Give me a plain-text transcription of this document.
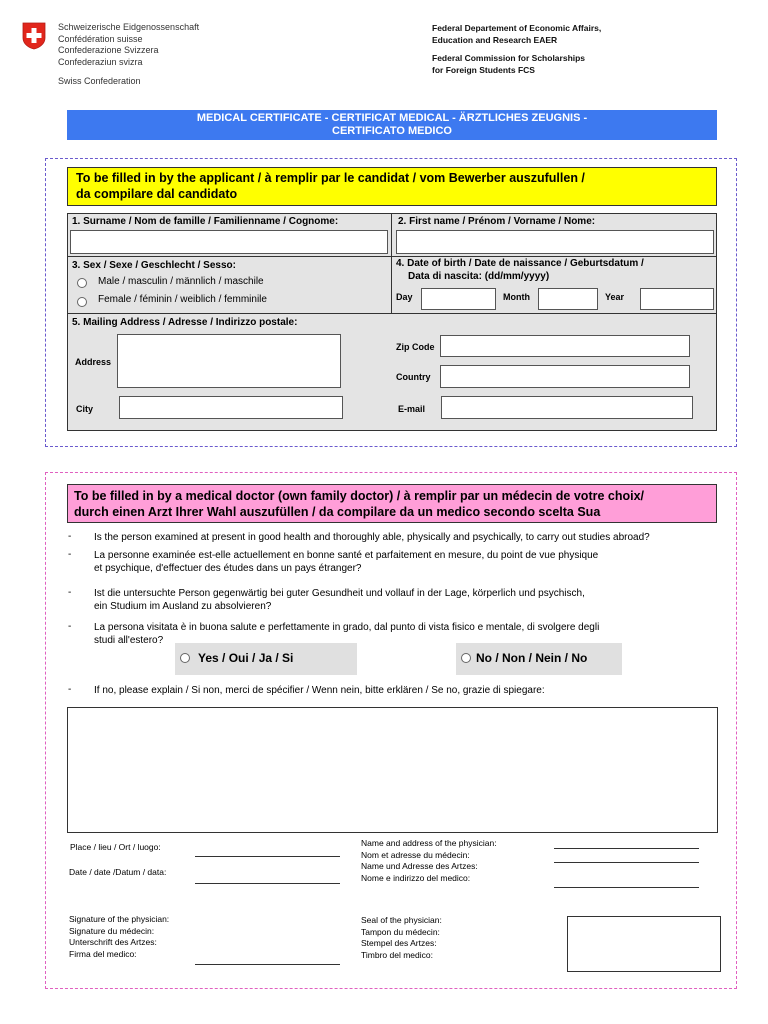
Schweizerische Eidgenossenschaft
Confédération suisse
Confederazione Svizzera
Confederaziun svizra
Swiss Confederation

Federal Departement of Economic Affairs,

Education and Research EAER

Federal Commission for Scholarships

for Foreign Students FCS

MEDICAL CERTIFICATE - CERTIFICAT MEDICAL - ÄRZTLICHES ZEUGNIS -
CERTIFICATO MEDICO
To be filled in by the applicant / à remplir par le candidat / vom Bewerber auszufullen /
da compilare dal candidato
1. Surname / Nom de famille / Familienname / Cognome:	2. First name / Prénom / Vorname / Nome:
3. Sex / Sexe / Geschlecht / Sesso:
Male / masculin / männlich / maschile
Female / féminin / weiblich / femminile
4. Date of birth / Date de naissance / Geburtsdatum /
Data di nascita: (dd/mm/yyyy)
Day	Month	Year
5. Mailing Address / Adresse / Indirizzo postale:
Address
City
Zip Code
Country
E-mail
To be filled in by a medical doctor (own family doctor) / à remplir par un médecin de votre choix/
durch einen Arzt Ihrer Wahl auszufüllen / da compilare da un medico secondo scelta Sua
- Is the person examined at present in good health and thoroughly able, physically and psychically, to carry out studies abroad?
- La personne examinée est-elle actuellement en bonne santé et parfaitement en mesure, du point de vue physique
et psychique, d'effectuer des études dans un pays étranger?
- Ist die untersuchte Person gegenwärtig bei guter Gesundheit und vollauf in der Lage, körperlich und psychisch,
ein Studium im Ausland zu absolvieren?
- La persona visitata è in buona salute e perfettamente in grado, dal punto di vista fisico e mentale, di svolgere degli
studi all'estero?
Yes / Oui / Ja / Si	No / Non / Nein / No
- If no, please explain / Si non, merci de spécifier / Wenn nein, bitte erklären / Se no, grazie di spiegare:
Place / lieu / Ort / luogo:
Date / date /Datum / data:
Name and address of the physician:
Nom et adresse du médecin:
Name und Adresse des Artzes:
Nome e indirizzo del medico:
Signature of the physician:
Signature du médecin:
Unterschrift des Artzes:
Firma del medico:
Seal of the physician:
Tampon du médecin:
Stempel des Artzes:
Timbro del medico:
